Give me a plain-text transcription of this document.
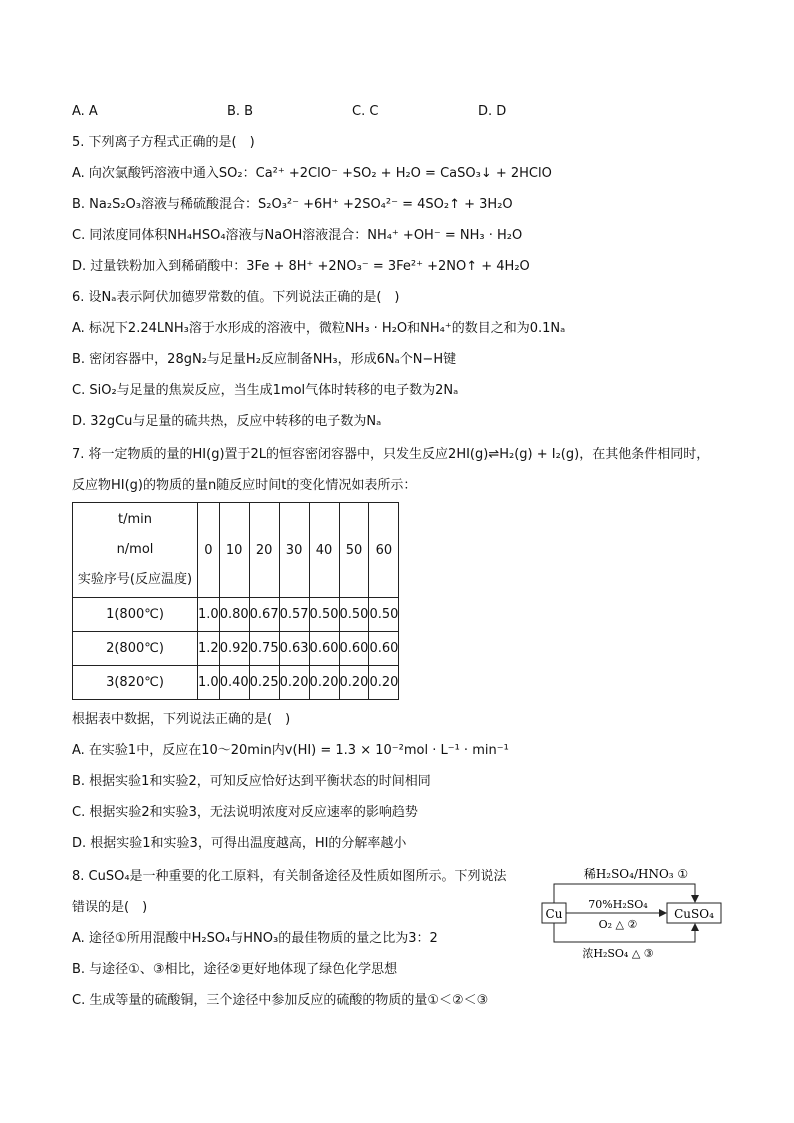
A. A	B. B	C. C	D. D
5. 下列离子方程式正确的是(　)
A. 向次氯酸钙溶液中通入SO₂：Ca²⁺ +2ClO⁻ +SO₂ + H₂O = CaSO₃↓ + 2HClO
B. Na₂S₂O₃溶液与稀硫酸混合：S₂O₃²⁻ +6H⁺ +2SO₄²⁻ = 4SO₂↑ + 3H₂O
C. 同浓度同体积NH₄HSO₄溶液与NaOH溶液混合：NH₄⁺ +OH⁻ = NH₃ · H₂O
D. 过量铁粉加入到稀硝酸中：3Fe + 8H⁺ +2NO₃⁻ = 3Fe²⁺ +2NO↑ + 4H₂O
6. 设Nₐ表示阿伏加德罗常数的值。下列说法正确的是(　)
A. 标况下2.24LNH₃溶于水形成的溶液中，微粒NH₃ · H₂O和NH₄⁺的数目之和为0.1Nₐ
B. 密闭容器中，28gN₂与足量H₂反应制备NH₃，形成6Nₐ个N−H键
C. SiO₂与足量的焦炭反应，当生成1mol气体时转移的电子数为2Nₐ
D. 32gCu与足量的硫共热，反应中转移的电子数为Nₐ
7. 将一定物质的量的HI(g)置于2L的恒容密闭容器中，只发生反应2HI(g)⇌H₂(g) + I₂(g)，在其他条件相同时，
反应物HI(g)的物质的量n随反应时间t的变化情况如表所示：
t/min
n/mol
实验序号(反应温度)	0	10	20	30	40	50	60
1(800℃)	1.0	0.80	0.67	0.57	0.50	0.50	0.50
2(800℃)	1.2	0.92	0.75	0.63	0.60	0.60	0.60
3(820℃)	1.0	0.40	0.25	0.20	0.20	0.20	0.20
根据表中数据，下列说法正确的是(　)
A. 在实验1中，反应在10～20min内v(HI) = 1.3 × 10⁻²mol · L⁻¹ · min⁻¹
B. 根据实验1和实验2，可知反应恰好达到平衡状态的时间相同
C. 根据实验2和实验3，无法说明浓度对反应速率的影响趋势
D. 根据实验1和实验3，可得出温度越高，HI的分解率越小
8. CuSO₄是一种重要的化工原料，有关制备途径及性质如图所示。下列说法
错误的是(　)
A. 途径①所用混酸中H₂SO₄与HNO₃的最佳物质的量之比为3：2
B. 与途径①、③相比，途径②更好地体现了绿色化学思想
C. 生成等量的硫酸铜，三个途径中参加反应的硫酸的物质的量①＜②＜③
稀H₂SO₄/HNO₃ ①
Cu
70%H₂SO₄
O₂ △ ②
CuSO₄
浓H₂SO₄ △ ③
